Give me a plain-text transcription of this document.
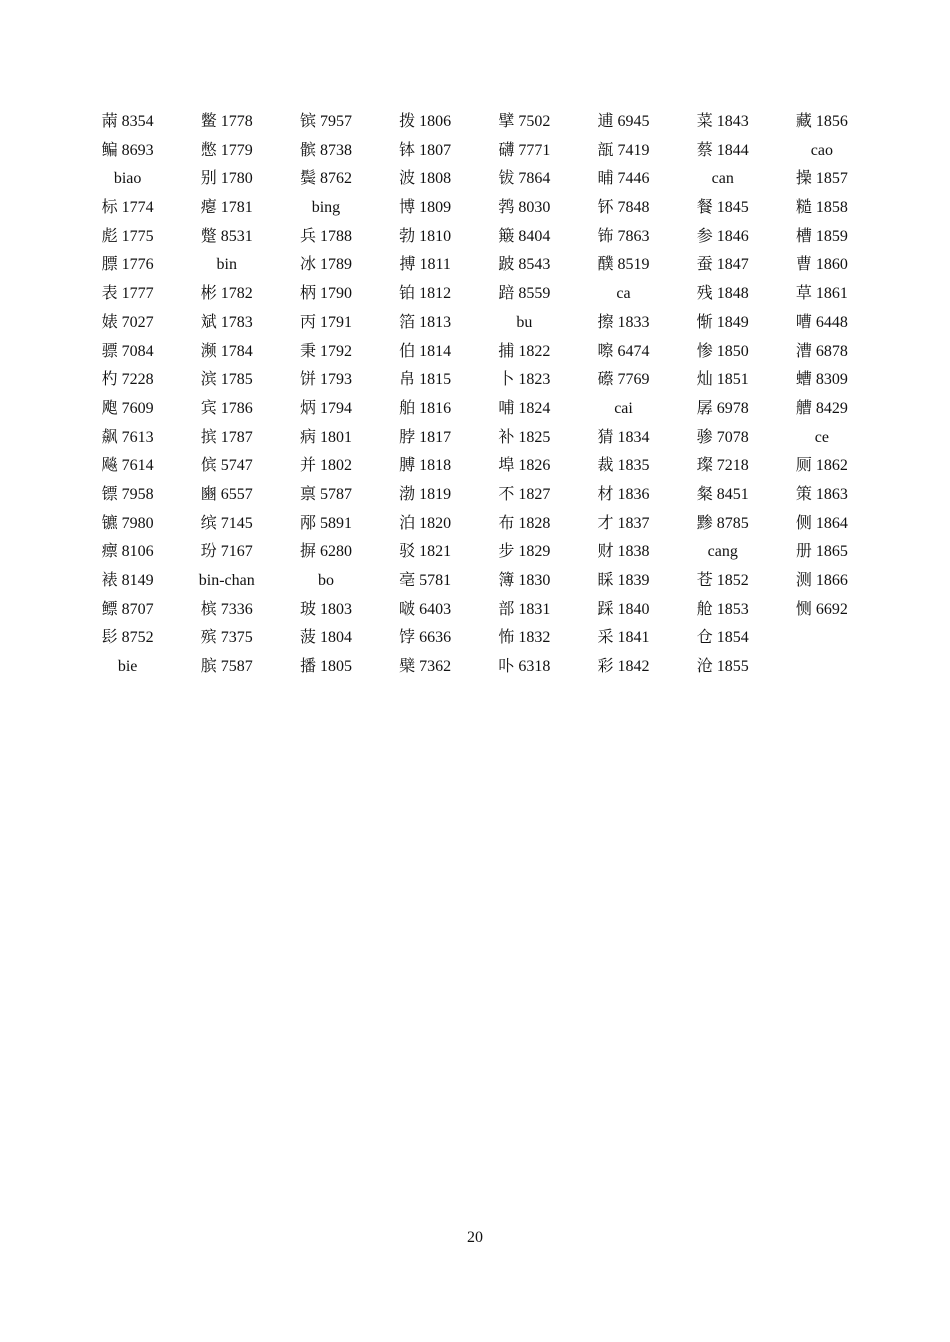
䓣 8354
鳊 8693
biao
标 1774
彪 1775
膘 1776
表 1777
婊 7027
骠 7084
杓 7228
飑 7609
飙 7613
飚 7614
镖 7958
镳 7980
瘭 8106
裱 8149
鳔 8707
髟 8752
bie
鳖 1778
憋 1779
别 1780
瘪 1781
蹩 8531
bin
彬 1782
斌 1783
濒 1784
滨 1785
宾 1786
摈 1787
傧 5747
豳 6557
缤 7145
玢 7167
bin-chan
槟 7336
殡 7375
膑 7587
镔 7957
髌 8738
鬓 8762
bing
兵 1788
冰 1789
柄 1790
丙 1791
秉 1792
饼 1793
炳 1794
病 1801
并 1802
禀 5787
邴 5891
摒 6280
bo
玻 1803
菠 1804
播 1805
拨 1806
钵 1807
波 1808
博 1809
勃 1810
搏 1811
铂 1812
箔 1813
伯 1814
帛 1815
舶 1816
脖 1817
膊 1818
渤 1819
泊 1820
驳 1821
亳 5781
啵 6403
饽 6636
檗 7362
擘 7502
礴 7771
钹 7864
鹁 8030
簸 8404
跛 8543
踣 8559
bu
捕 1822
卜 1823
哺 1824
补 1825
埠 1826
不 1827
布 1828
步 1829
簿 1830
部 1831
怖 1832
卟 6318
逋 6945
瓿 7419
晡 7446
钚 7848
钸 7863
醭 8519
ca
擦 1833
嚓 6474
礤 7769
cai
猜 1834
裁 1835
材 1836
才 1837
财 1838
睬 1839
踩 1840
采 1841
彩 1842
菜 1843
蔡 1844
can
餐 1845
参 1846
蚕 1847
残 1848
惭 1849
惨 1850
灿 1851
孱 6978
骖 7078
璨 7218
粲 8451
黪 8785
cang
苍 1852
舱 1853
仓 1854
沧 1855
藏 1856
cao
操 1857
糙 1858
槽 1859
曹 1860
草 1861
嘈 6448
漕 6878
螬 8309
艚 8429
ce
厕 1862
策 1863
侧 1864
册 1865
测 1866
恻 6692
20
